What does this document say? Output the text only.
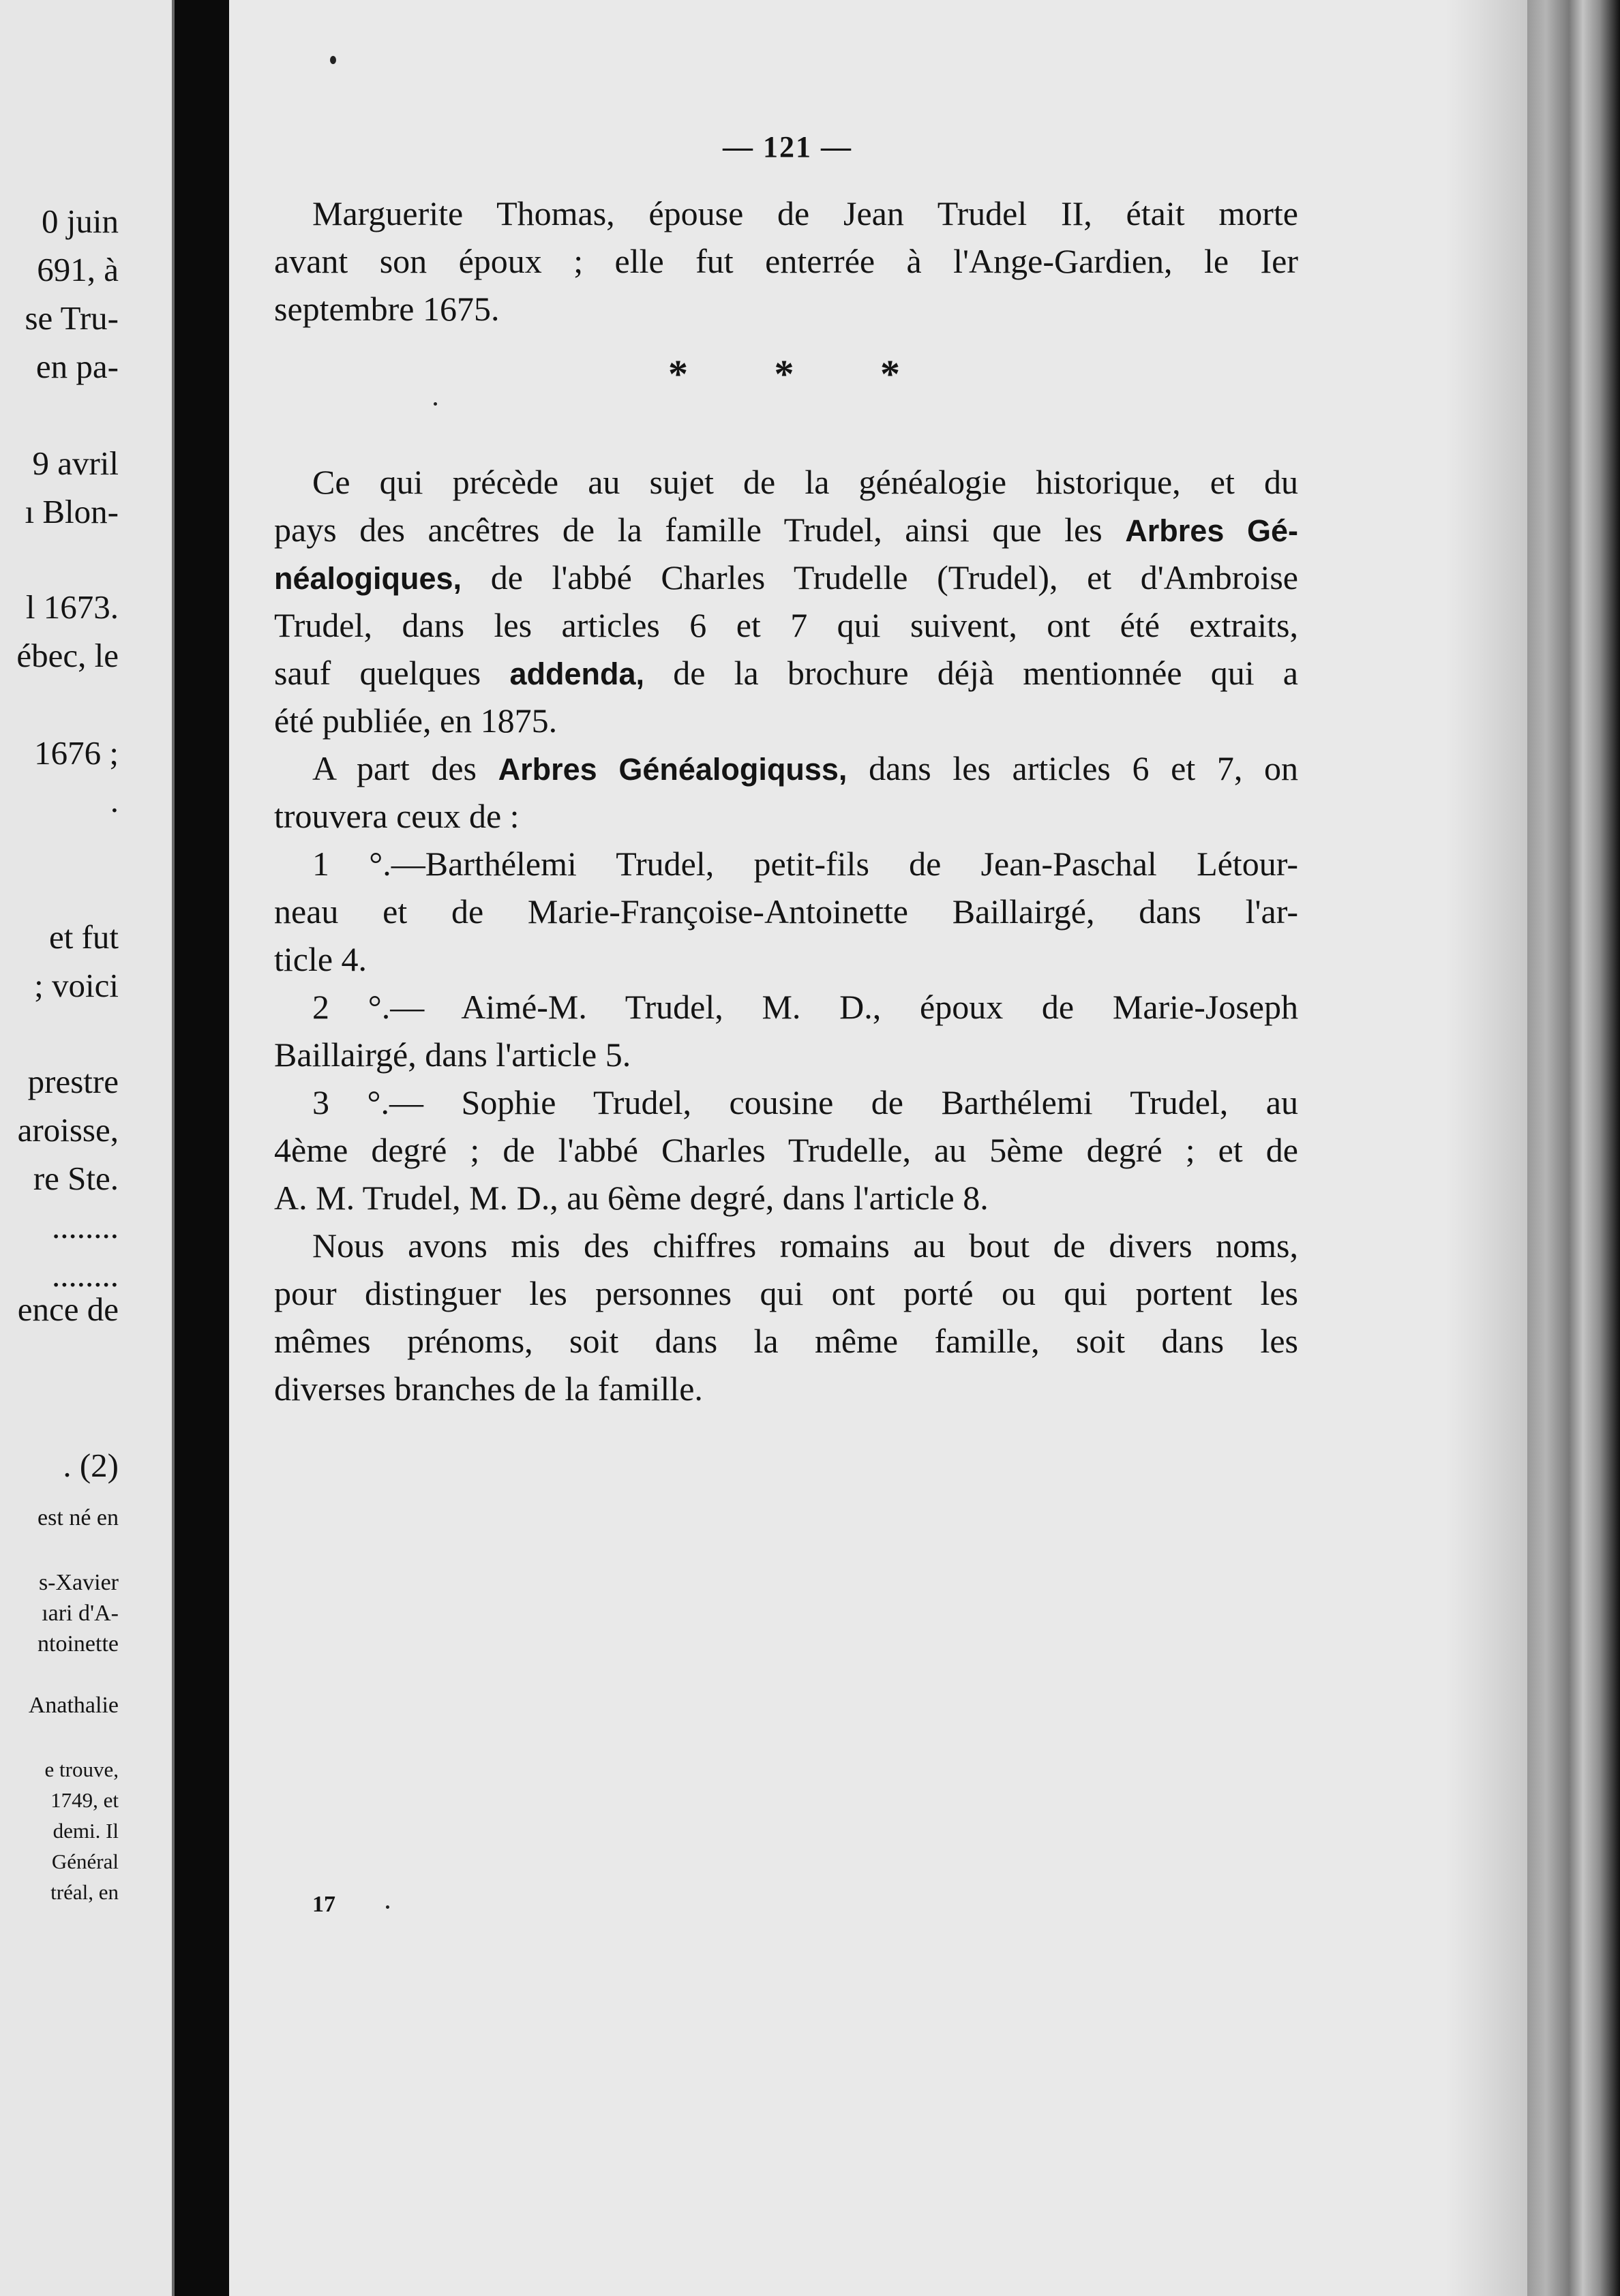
0 juin
691, à
se Tru-
en pa-
9 avril
ı Blon-
l 1673.
ébec, le
1676 ;
.
et fut
; voici
prestre
aroisse,
re Ste.
........
........
ence de
. (2)
est né en
s-Xavier
ıari d'A-
ntoinette
Anathalie
e trouve,
1749, et
demi. Il
Général
tréal, en
— 121 —
Marguerite Thomas, épouse de Jean Trudel II, était morte
avant son époux ; elle fut enterrée à l'Ange-Gardien, le Ier
septembre 1675.
* * *
Ce qui précède au sujet de la généalogie historique, et du
pays des ancêtres de la famille Trudel, ainsi que les Arbres Gé-
néalogiques, de l'abbé Charles Trudelle (Trudel), et d'Ambroise
Trudel, dans les articles 6 et 7 qui suivent, ont été extraits,
sauf quelques addenda, de la brochure déjà mentionnée qui a
été publiée, en 1875.
A part des Arbres Généalogiquss, dans les articles 6 et 7, on
trouvera ceux de :
1 °.—Barthélemi Trudel, petit-fils de Jean-Paschal Létour-
neau et de Marie-Françoise-Antoinette Baillairgé, dans l'ar-
ticle 4.
2 °.— Aimé-M. Trudel, M. D., époux de Marie-Joseph
Baillairgé, dans l'article 5.
3 °.— Sophie Trudel, cousine de Barthélemi Trudel, au
4ème degré ; de l'abbé Charles Trudelle, au 5ème degré ; et de
A. M. Trudel, M. D., au 6ème degré, dans l'article 8.
Nous avons mis des chiffres romains au bout de divers noms,
pour distinguer les personnes qui ont porté ou qui portent les
mêmes prénoms, soit dans la même famille, soit dans les
diverses branches de la famille.
17
